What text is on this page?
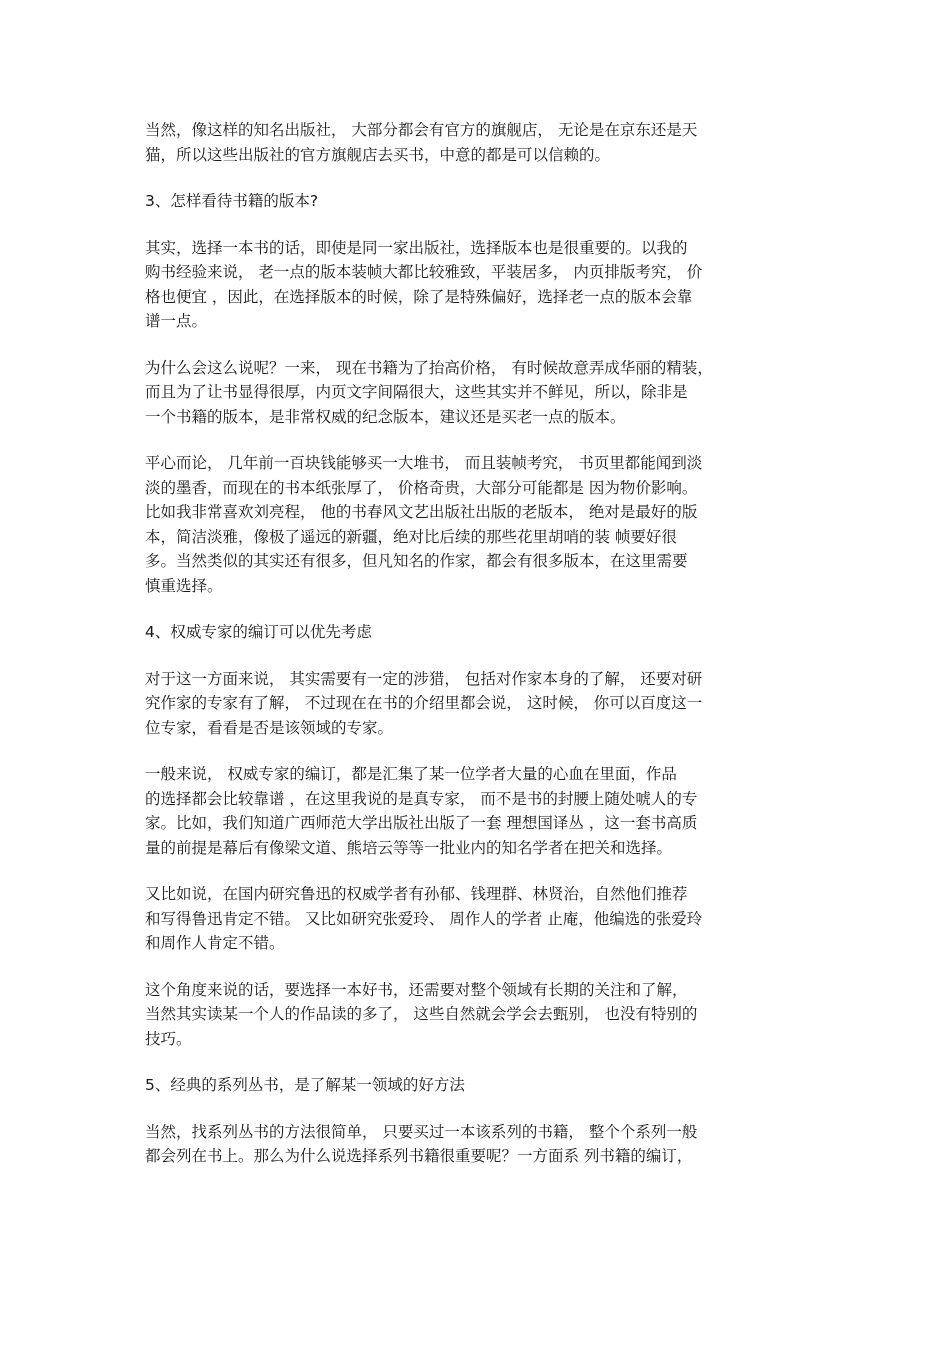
当然，像这样的知名出版社， 大部分都会有官方的旗舰店， 无论是在京东还是天
猫，所以这些出版社的官方旗舰店去买书，中意的都是可以信赖的。
3、怎样看待书籍的版本?
其实，选择一本书的话，即使是同一家出版社，选择版本也是很重要的。以我的
购书经验来说， 老一点的版本装帧大都比较雅致，平装居多， 内页排版考究， 价
格也便宜 ，因此，在选择版本的时候，除了是特殊偏好，选择老一点的版本会靠
谱一点。
为什么会这么说呢？一来， 现在书籍为了抬高价格， 有时候故意弄成华丽的精装，
而且为了让书显得很厚，内页文字间隔很大，这些其实并不鲜见，所以，除非是
一个书籍的版本，是非常权威的纪念版本，建议还是买老一点的版本。
平心而论， 几年前一百块钱能够买一大堆书， 而且装帧考究， 书页里都能闻到淡
淡的墨香，而现在的书本纸张厚了， 价格奇贵，大部分可能都是 因为物价影响。
比如我非常喜欢刘亮程， 他的书春风文艺出版社出版的老版本， 绝对是最好的版
本，简洁淡雅，像极了遥远的新疆，绝对比后续的那些花里胡哨的装 帧要好很
多。当然类似的其实还有很多，但凡知名的作家，都会有很多版本，在这里需要
慎重选择。
4、权威专家的编订可以优先考虑
对于这一方面来说， 其实需要有一定的涉猎， 包括对作家本身的了解， 还要对研
究作家的专家有了解， 不过现在在书的介绍里都会说， 这时候， 你可以百度这一
位专家，看看是否是该领域的专家。
一般来说， 权威专家的编订，都是汇集了某一位学者大量的心血在里面，作品
的选择都会比较靠谱 ，在这里我说的是真专家， 而不是书的封腰上随处唬人的专
家。比如，我们知道广西师范大学出版社出版了一套 理想国译丛 ，这一套书高质
量的前提是幕后有像梁文道、熊培云等等一批业内的知名学者在把关和选择。
又比如说，在国内研究鲁迅的权威学者有孙郁、钱理群、林贤治，自然他们推荐
和写得鲁迅肯定不错。 又比如研究张爱玲、 周作人的学者 止庵，他编选的张爱玲
和周作人肯定不错。
这个角度来说的话，要选择一本好书，还需要对整个领域有长期的关注和了解，
当然其实读某一个人的作品读的多了， 这些自然就会学会去甄别， 也没有特别的
技巧。
5、经典的系列丛书，是了解某一领域的好方法
当然，找系列丛书的方法很简单， 只要买过一本该系列的书籍， 整个个系列一般
都会列在书上。那么为什么说选择系列书籍很重要呢？一方面系 列书籍的编订，
